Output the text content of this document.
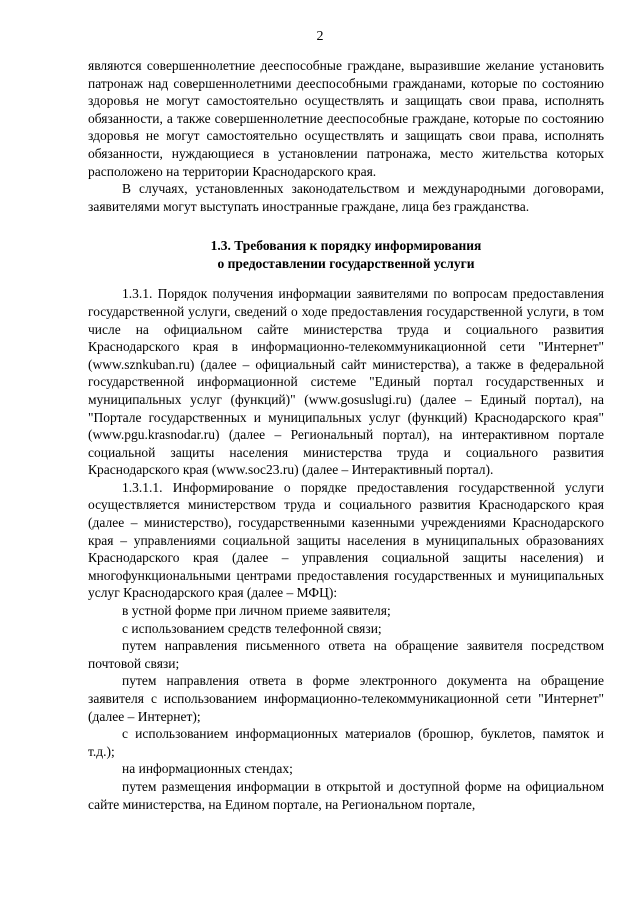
2

являются совершеннолетние дееспособные граждане, выразившие желание установить патронаж над совершеннолетними дееспособными гражданами, которые по состоянию здоровья не могут самостоятельно осуществлять и защищать свои права, исполнять обязанности, а также совершеннолетние дееспособные граждане, которые по состоянию здоровья не могут самостоятельно осуществлять и защищать свои права, исполнять обязанности, нуждающиеся в установлении патронажа, место жительства которых расположено на территории Краснодарского края.

В случаях, установленных законодательством и международными договорами, заявителями могут выступать иностранные граждане, лица без гражданства.

1.3. Требования к порядку информирования
о предоставлении государственной услуги

1.3.1. Порядок получения информации заявителями по вопросам предоставления государственной услуги, сведений о ходе предоставления государственной услуги, в том числе на официальном сайте министерства труда и социального развития Краснодарского края в информационно-телекоммуникационной сети "Интернет" (www.sznkuban.ru) (далее – официальный сайт министерства), а также в федеральной государственной информационной системе "Единый портал государственных и муниципальных услуг (функций)" (www.gosuslugi.ru) (далее – Единый портал), на "Портале государственных и муниципальных услуг (функций) Краснодарского края" (www.pgu.krasnodar.ru) (далее – Региональный портал), на интерактивном портале социальной защиты населения министерства труда и социального развития Краснодарского края (www.soc23.ru) (далее – Интерактивный портал).

1.3.1.1. Информирование о порядке предоставления государственной услуги осуществляется министерством труда и социального развития Краснодарского края (далее – министерство), государственными казенными учреждениями Краснодарского края – управлениями социальной защиты населения в муниципальных образованиях Краснодарского края (далее – управления социальной защиты населения) и многофункциональными центрами предоставления государственных и муниципальных услуг Краснодарского края (далее – МФЦ):

в устной форме при личном приеме заявителя;

с использованием средств телефонной связи;

путем направления письменного ответа на обращение заявителя посредством почтовой связи;

путем направления ответа в форме электронного документа на обращение заявителя с использованием информационно-телекоммуникационной сети "Интернет" (далее – Интернет);

с использованием информационных материалов (брошюр, буклетов, памяток и т.д.);

на информационных стендах;

путем размещения информации в открытой и доступной форме на официальном сайте министерства, на Едином портале, на Региональном портале,
